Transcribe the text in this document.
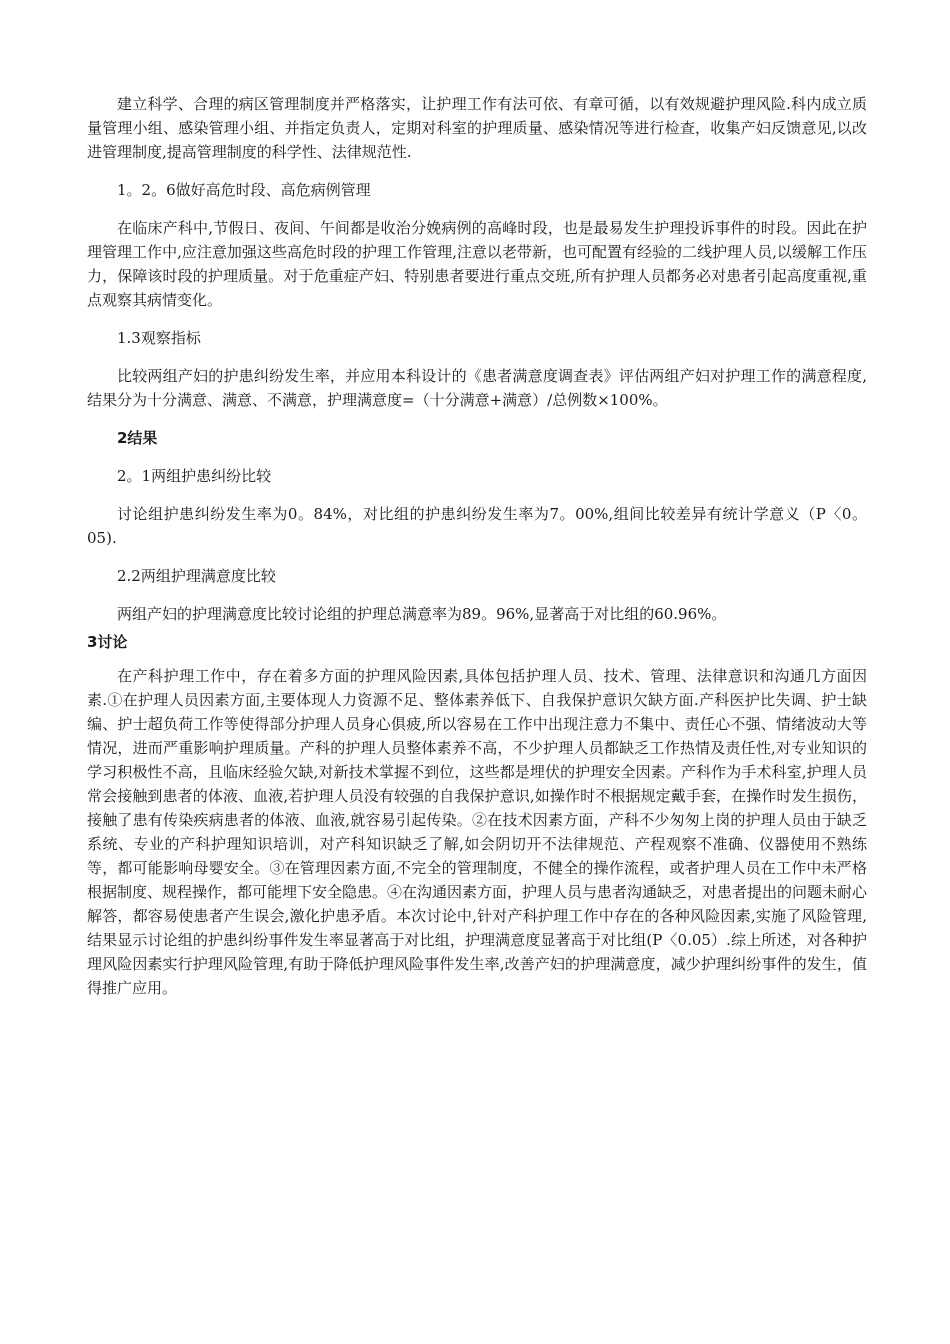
建立科学、合理的病区管理制度并严格落实，让护理工作有法可依、有章可循，以有效规避护理风险.科内成立质量管理小组、感染管理小组、并指定负责人，定期对科室的护理质量、感染情况等进行检查，收集产妇反馈意见,以改进管理制度,提高管理制度的科学性、法律规范性.

1。2。6做好高危时段、高危病例管理

在临床产科中,节假日、夜间、午间都是收治分娩病例的高峰时段，也是最易发生护理投诉事件的时段。因此在护理管理工作中,应注意加强这些高危时段的护理工作管理,注意以老带新，也可配置有经验的二线护理人员,以缓解工作压力，保障该时段的护理质量。对于危重症产妇、特别患者要进行重点交班,所有护理人员都务必对患者引起高度重视,重点观察其病情变化。

1.3观察指标

比较两组产妇的护患纠纷发生率，并应用本科设计的《患者满意度调查表》评估两组产妇对护理工作的满意程度,结果分为十分满意、满意、不满意，护理满意度=（十分满意+满意）/总例数×100%。

2结果

2。1两组护患纠纷比较

讨论组护患纠纷发生率为0。84%，对比组的护患纠纷发生率为7。00%,组间比较差异有统计学意义（P〈0。05).

2.2两组护理满意度比较

两组产妇的护理满意度比较讨论组的护理总满意率为89。96%,显著高于对比组的60.96%。

3讨论

在产科护理工作中，存在着多方面的护理风险因素,具体包括护理人员、技术、管理、法律意识和沟通几方面因素.①在护理人员因素方面,主要体现人力资源不足、整体素养低下、自我保护意识欠缺方面.产科医护比失调、护士缺编、护士超负荷工作等使得部分护理人员身心俱疲,所以容易在工作中出现注意力不集中、责任心不强、情绪波动大等情况，进而严重影响护理质量。产科的护理人员整体素养不高，不少护理人员都缺乏工作热情及责任性,对专业知识的学习积极性不高，且临床经验欠缺,对新技术掌握不到位，这些都是埋伏的护理安全因素。产科作为手术科室,护理人员常会接触到患者的体液、血液,若护理人员没有较强的自我保护意识,如操作时不根据规定戴手套，在操作时发生损伤，接触了患有传染疾病患者的体液、血液,就容易引起传染。②在技术因素方面，产科不少匆匆上岗的护理人员由于缺乏系统、专业的产科护理知识培训，对产科知识缺乏了解,如会阴切开不法律规范、产程观察不准确、仪器使用不熟练等，都可能影响母婴安全。③在管理因素方面,不完全的管理制度，不健全的操作流程，或者护理人员在工作中未严格根据制度、规程操作，都可能埋下安全隐患。④在沟通因素方面，护理人员与患者沟通缺乏，对患者提出的问题未耐心解答，都容易使患者产生误会,激化护患矛盾。本次讨论中,针对产科护理工作中存在的各种风险因素,实施了风险管理,结果显示讨论组的护患纠纷事件发生率显著高于对比组，护理满意度显著高于对比组(P〈0.05）.综上所述，对各种护理风险因素实行护理风险管理,有助于降低护理风险事件发生率,改善产妇的护理满意度，减少护理纠纷事件的发生，值得推广应用。
